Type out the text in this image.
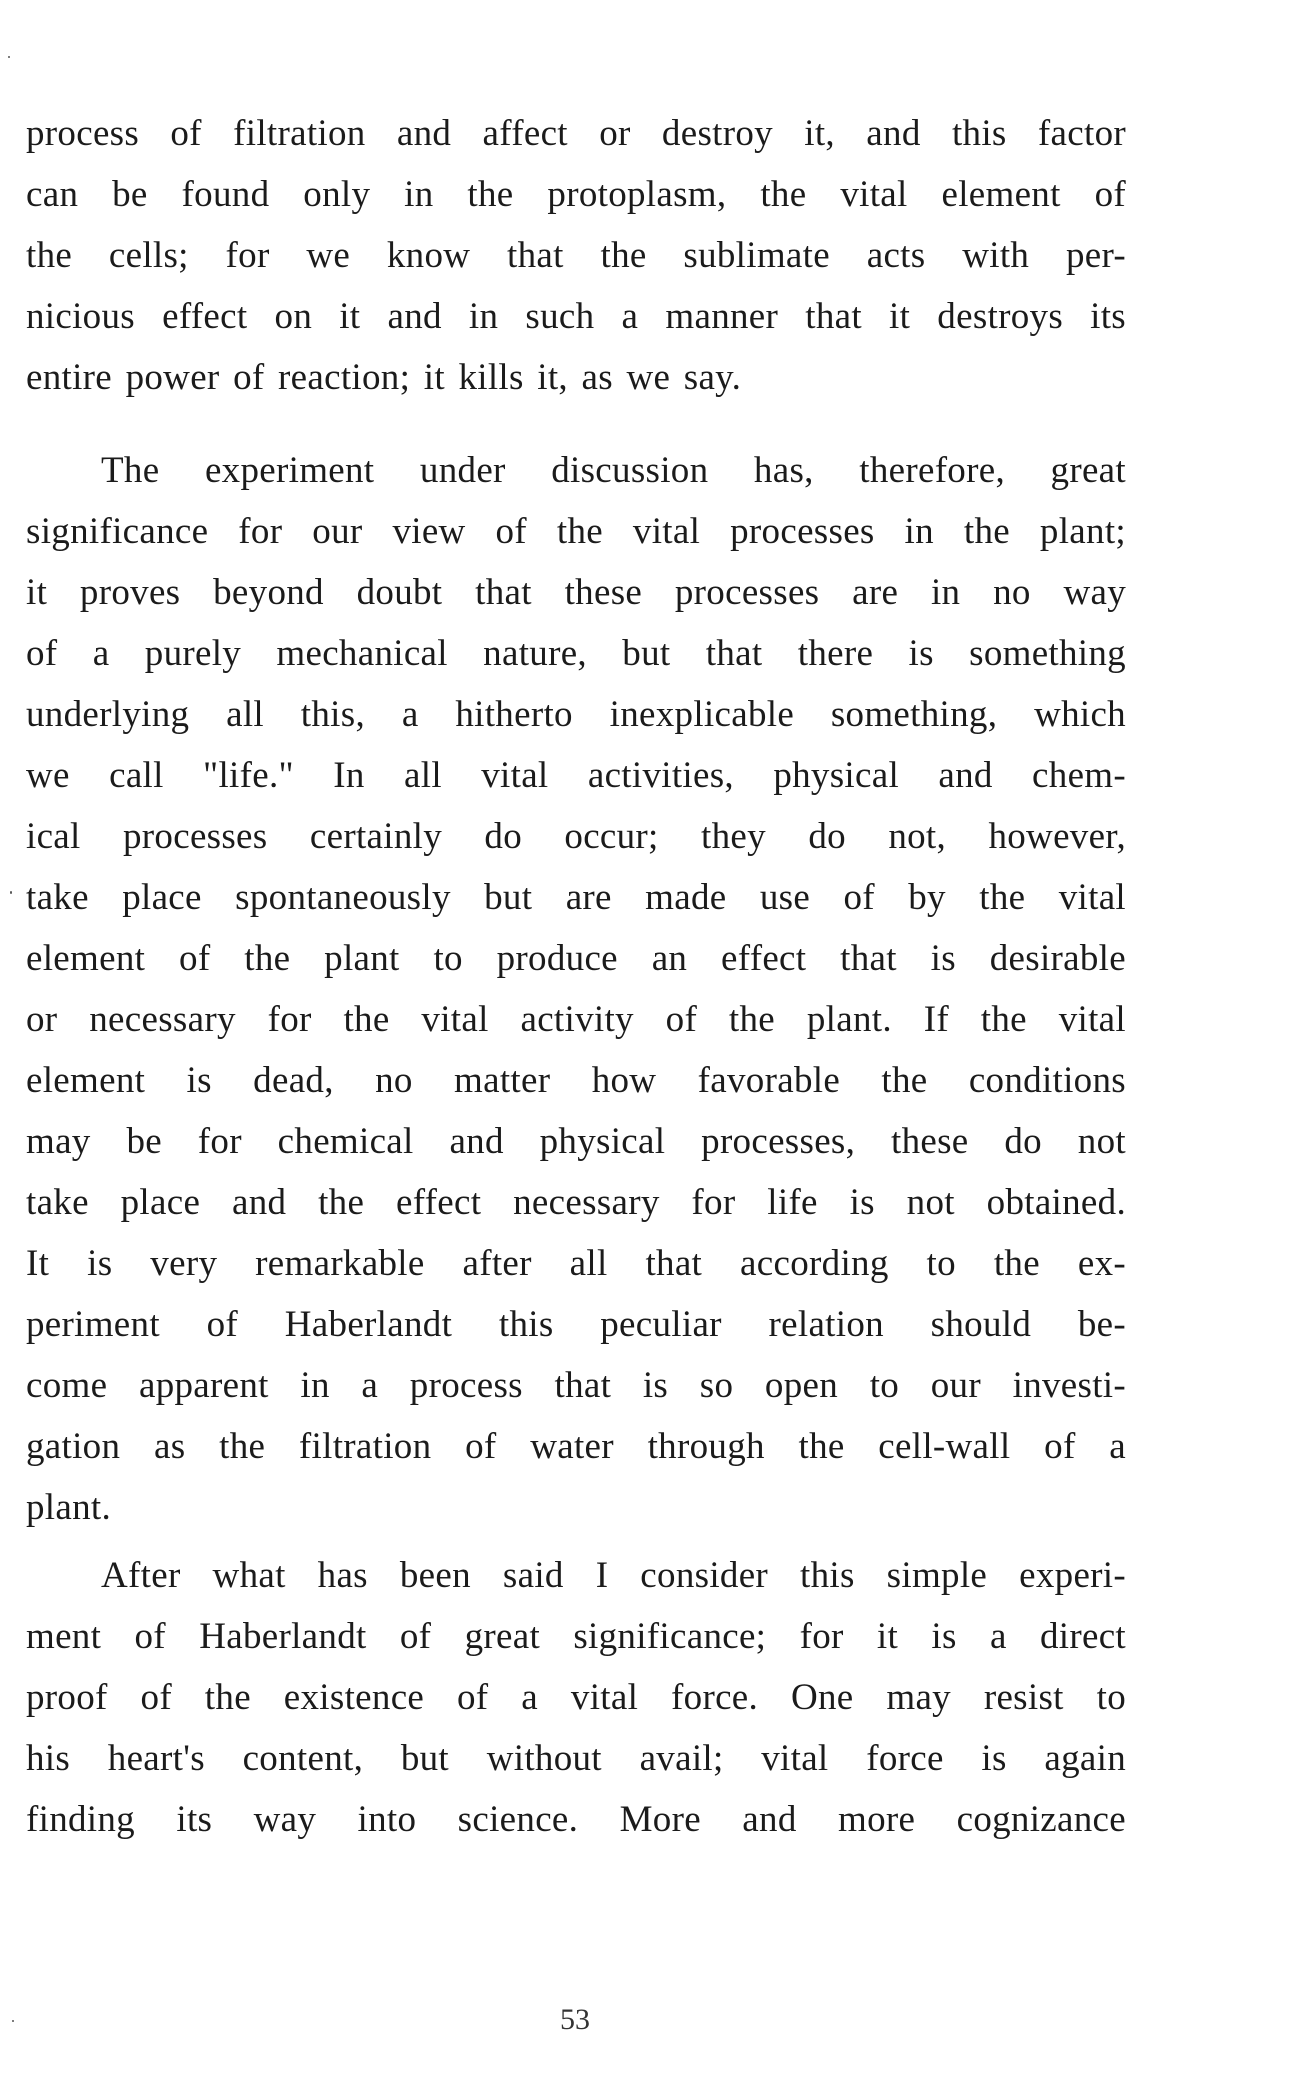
process of filtration and affect or destroy it, and this factor
can be found only in the protoplasm, the vital element of
the cells; for we know that the sublimate acts with per-
nicious effect on it and in such a manner that it destroys its
entire power of reaction; it kills it, as we say.
The experiment under discussion has, therefore, great
significance for our view of the vital processes in the plant;
it proves beyond doubt that these processes are in no way
of a purely mechanical nature, but that there is something
underlying all this, a hitherto inexplicable something, which
we call "life." In all vital activities, physical and chem-
ical processes certainly do occur; they do not, however,
take place spontaneously but are made use of by the vital
element of the plant to produce an effect that is desirable
or necessary for the vital activity of the plant. If the vital
element is dead, no matter how favorable the conditions
may be for chemical and physical processes, these do not
take place and the effect necessary for life is not obtained.
It is very remarkable after all that according to the ex-
periment of Haberlandt this peculiar relation should be-
come apparent in a process that is so open to our investi-
gation as the filtration of water through the cell-wall of a
plant.
After what has been said I consider this simple experi-
ment of Haberlandt of great significance; for it is a direct
proof of the existence of a vital force. One may resist to
his heart's content, but without avail; vital force is again
finding its way into science. More and more cognizance
53
